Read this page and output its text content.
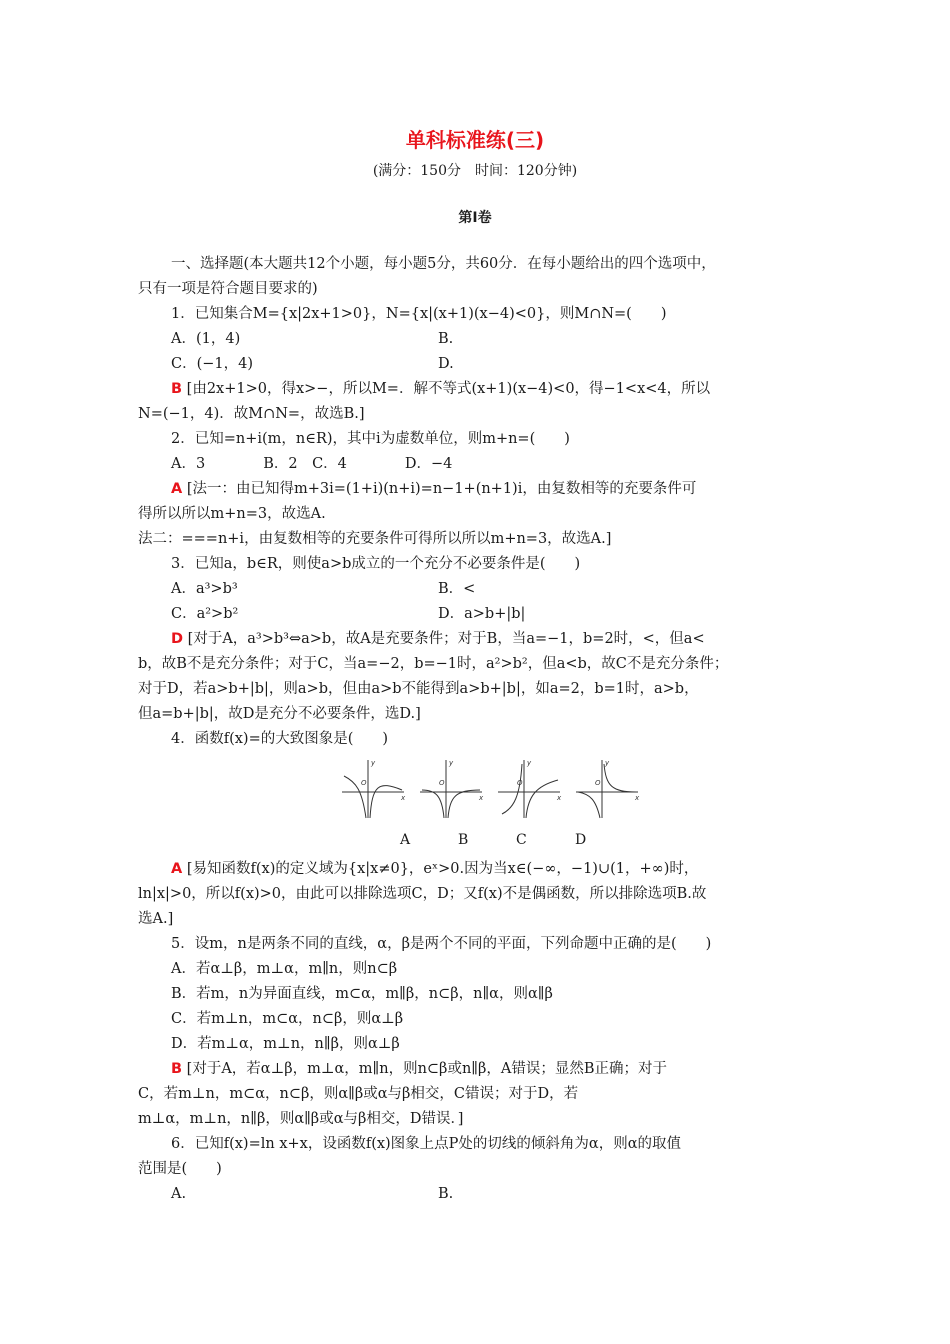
单科标准练(三)
(满分：150分　时间：120分钟)
第Ⅰ卷
一、选择题(本大题共12个小题，每小题5分，共60分．在每小题给出的四个选项中，
只有一项是符合题目要求的)
1．已知集合M={x|2x+1>0}，N={x|(x+1)(x−4)<0}，则M∩N=(　　)
A．(1，4)	B.
C．(−1，4)	D.
B [由2x+1>0，得x>−，所以M=．解不等式(x+1)(x−4)<0，得−1<x<4，所以
N=(−1，4)．故M∩N=，故选B.]
2．已知=n+i(m，n∈R)，其中i为虚数单位，则m+n=(　　)
A．3　　　　B．2　C．4　　　　D．−4
A [法一：由已知得m+3i=(1+i)(n+i)=n−1+(n+1)i，由复数相等的充要条件可
得所以所以m+n=3，故选A.
法二：===n+i，由复数相等的充要条件可得所以所以m+n=3，故选A.]
3．已知a，b∈R，则使a>b成立的一个充分不必要条件是(　　)
A．a³>b³	B．<
C．a²>b²	D．a>b+|b|
D [对于A，a³>b³⇔a>b，故A是充要条件；对于B，当a=−1，b=2时，<，但a<
b，故B不是充分条件；对于C，当a=−2，b=−1时，a²>b²，但a<b，故C不是充分条件；
对于D，若a>b+|b|，则a>b，但由a>b不能得到a>b+|b|，如a=2，b=1时，a>b，
但a=b+|b|，故D是充分不必要条件，选D.]
4．函数f(x)=的大致图象是(　　)
y
x
O
y
x
O
y
x
O
y
x
O
A	B	C	D
A [易知函数f(x)的定义域为{x|x≠0}，eˣ>0.因为当x∈(−∞，−1)∪(1，+∞)时，
ln|x|>0，所以f(x)>0，由此可以排除选项C，D；又f(x)不是偶函数，所以排除选项B.故
选A.]
5．设m，n是两条不同的直线，α，β是两个不同的平面，下列命题中正确的是(　　)
A．若α⊥β，m⊥α，m∥n，则n⊂β
B．若m，n为异面直线，m⊂α，m∥β，n⊂β，n∥α，则α∥β
C．若m⊥n，m⊂α，n⊂β，则α⊥β
D．若m⊥α，m⊥n，n∥β，则α⊥β
B [对于A，若α⊥β，m⊥α，m∥n，则n⊂β或n∥β，A错误；显然B正确；对于
C，若m⊥n，m⊂α，n⊂β，则α∥β或α与β相交，C错误；对于D，若
m⊥α，m⊥n，n∥β，则α∥β或α与β相交，D错误．]
6．已知f(x)=ln x+x，设函数f(x)图象上点P处的切线的倾斜角为α，则α的取值
范围是(　　)
A.	B.
